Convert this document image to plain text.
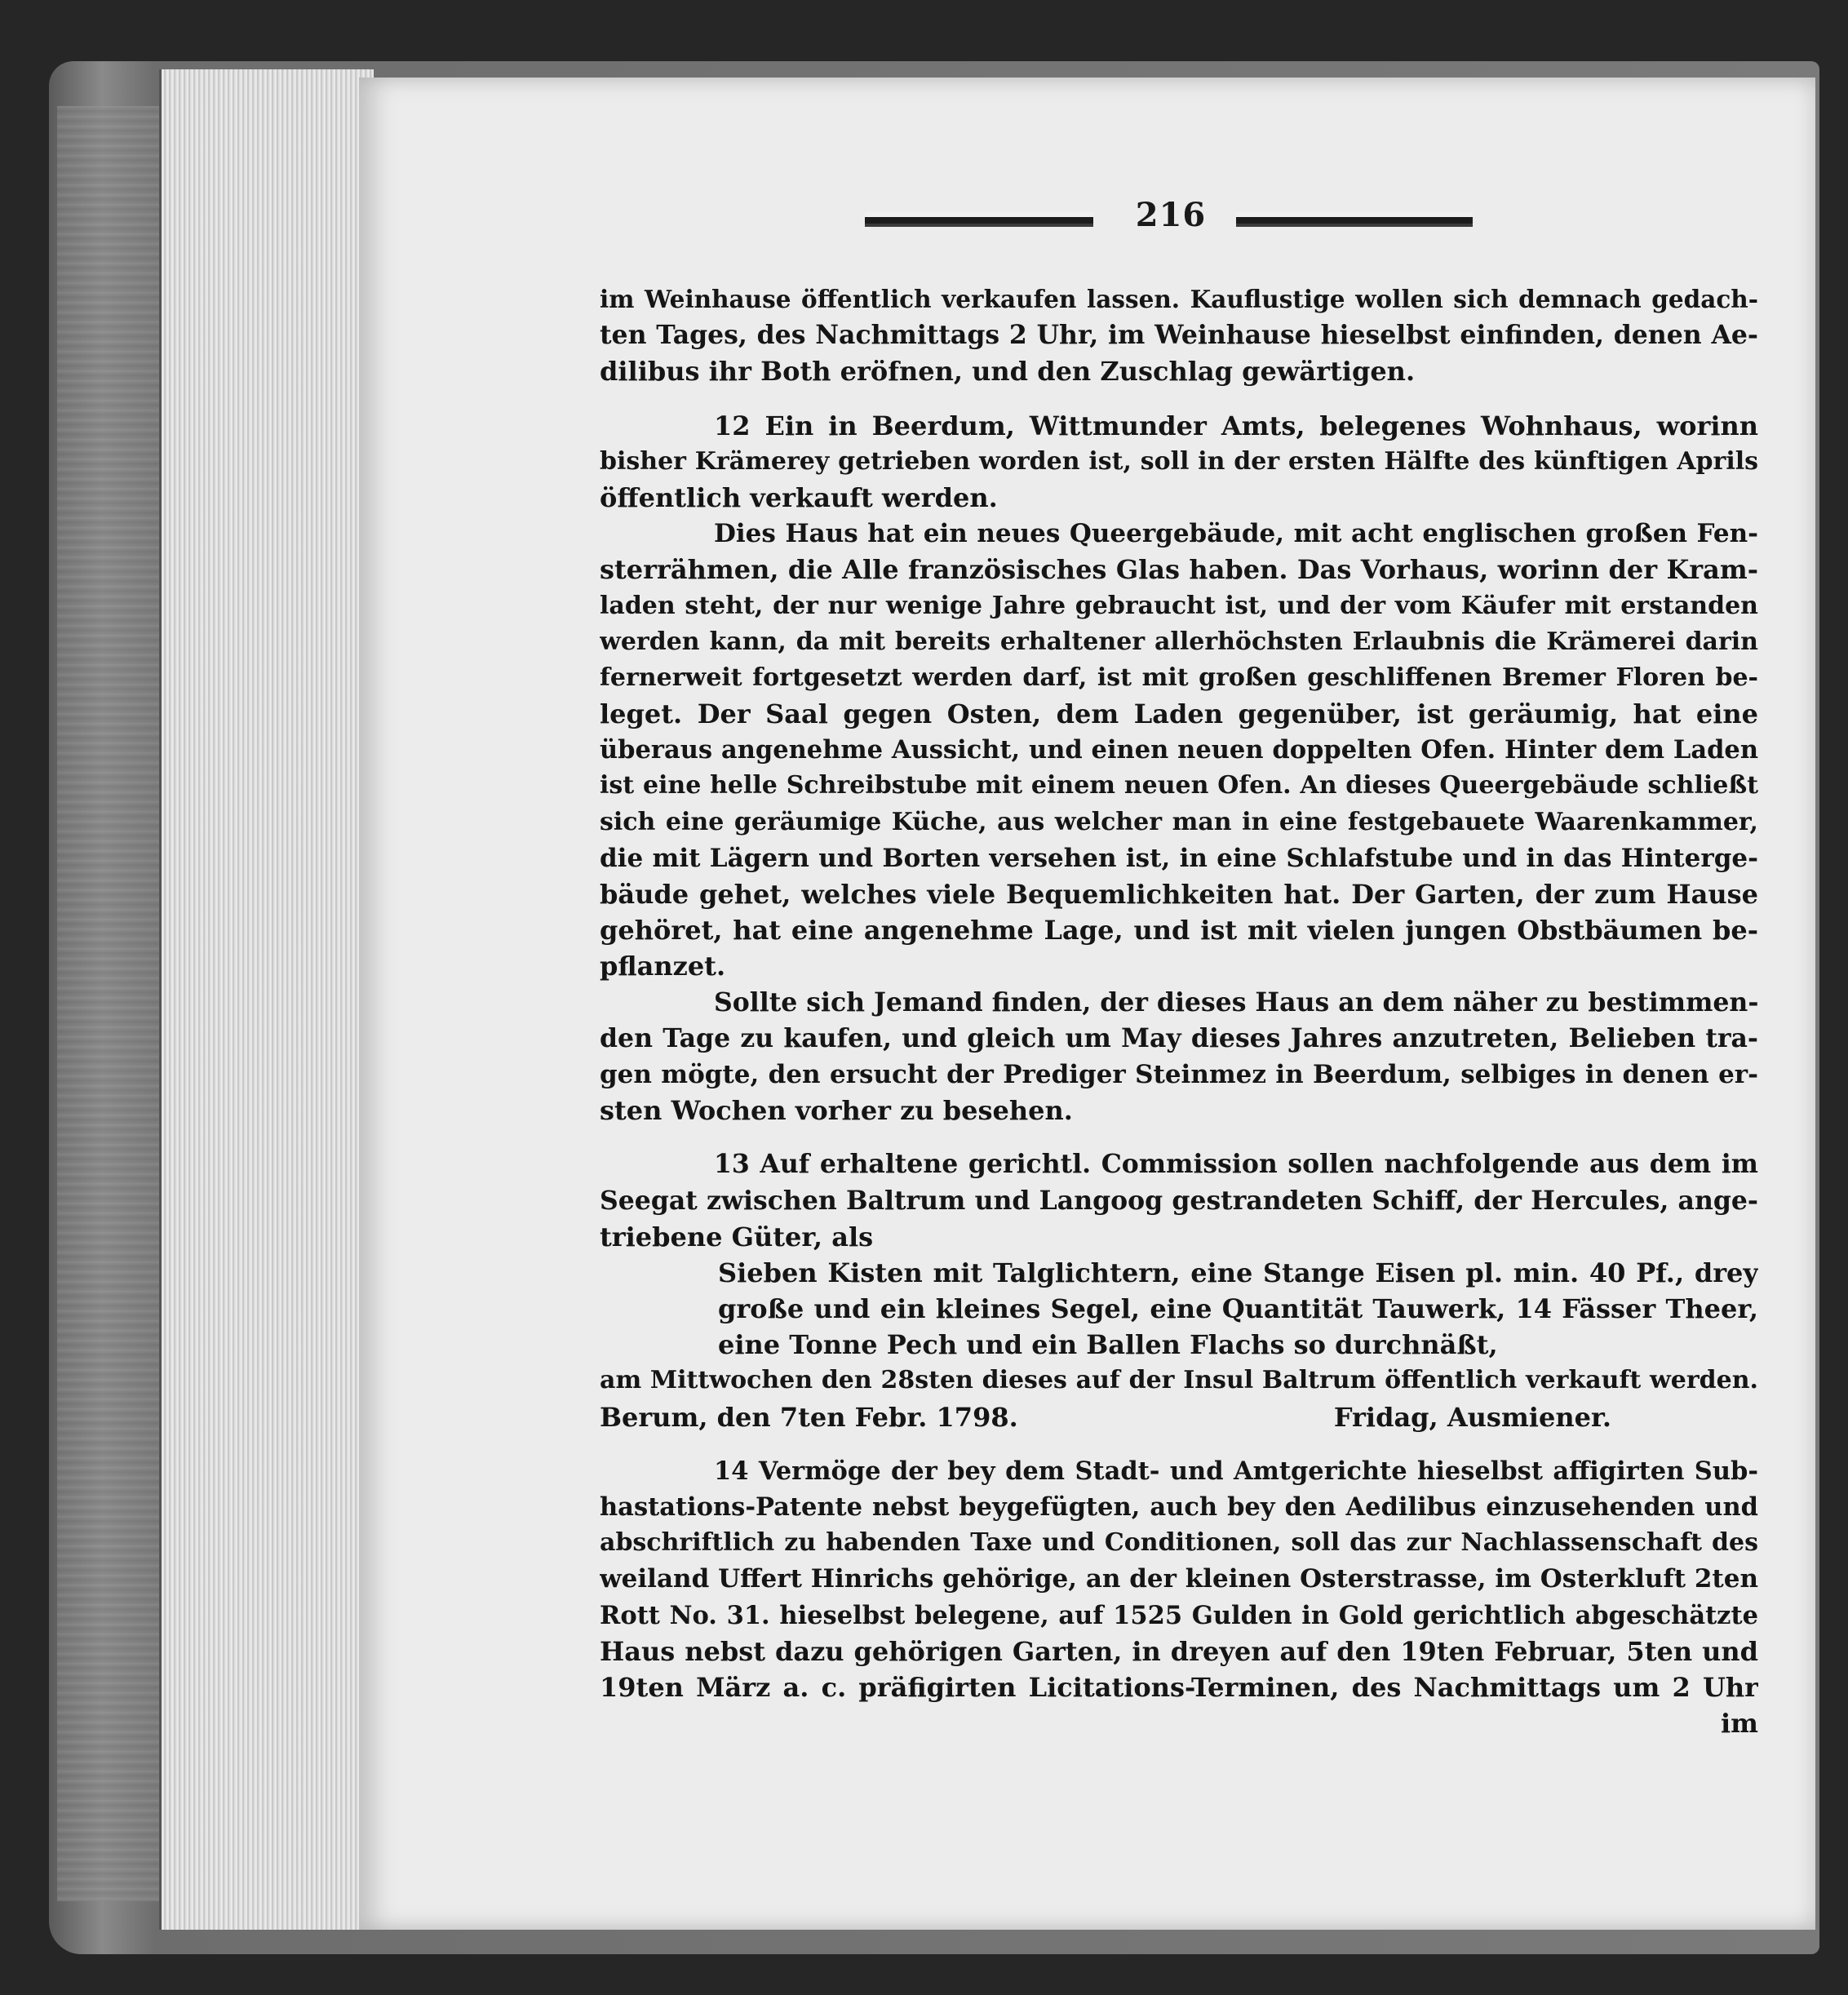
216
im Weinhause öffentlich verkaufen lassen. Kauflustige wollen sich demnach gedach-
ten Tages, des Nachmittags 2 Uhr, im Weinhause hieselbst einfinden, denen Ae-
dilibus ihr Both eröfnen, und den Zuschlag gewärtigen.
12 Ein in Beerdum, Wittmunder Amts, belegenes Wohnhaus, worinn
bisher Krämerey getrieben worden ist, soll in der ersten Hälfte des künftigen Aprils
öffentlich verkauft werden.
Dies Haus hat ein neues Queergebäude, mit acht englischen großen Fen-
sterrähmen, die Alle französisches Glas haben. Das Vorhaus, worinn der Kram-
laden steht, der nur wenige Jahre gebraucht ist, und der vom Käufer mit erstanden
werden kann, da mit bereits erhaltener allerhöchsten Erlaubnis die Krämerei darin
fernerweit fortgesetzt werden darf, ist mit großen geschliffenen Bremer Floren be-
leget. Der Saal gegen Osten, dem Laden gegenüber, ist geräumig, hat eine
überaus angenehme Aussicht, und einen neuen doppelten Ofen. Hinter dem Laden
ist eine helle Schreibstube mit einem neuen Ofen. An dieses Queergebäude schließt
sich eine geräumige Küche, aus welcher man in eine festgebauete Waarenkammer,
die mit Lägern und Borten versehen ist, in eine Schlafstube und in das Hinterge-
bäude gehet, welches viele Bequemlichkeiten hat. Der Garten, der zum Hause
gehöret, hat eine angenehme Lage, und ist mit vielen jungen Obstbäumen be-
pflanzet.
Sollte sich Jemand finden, der dieses Haus an dem näher zu bestimmen-
den Tage zu kaufen, und gleich um May dieses Jahres anzutreten, Belieben tra-
gen mögte, den ersucht der Prediger Steinmez in Beerdum, selbiges in denen er-
sten Wochen vorher zu besehen.
13 Auf erhaltene gerichtl. Commission sollen nachfolgende aus dem im
Seegat zwischen Baltrum und Langoog gestrandeten Schiff, der Hercules, ange-
triebene Güter, als
Sieben Kisten mit Talglichtern, eine Stange Eisen pl. min. 40 Pf., drey
große und ein kleines Segel, eine Quantität Tauwerk, 14 Fässer Theer,
eine Tonne Pech und ein Ballen Flachs so durchnäßt,
am Mittwochen den 28sten dieses auf der Insul Baltrum öffentlich verkauft werden.
Berum, den 7ten Febr. 1798.	Fridag, Ausmiener.
14 Vermöge der bey dem Stadt- und Amtgerichte hieselbst affigirten Sub-
hastations-Patente nebst beygefügten, auch bey den Aedilibus einzusehenden und
abschriftlich zu habenden Taxe und Conditionen, soll das zur Nachlassenschaft des
weiland Uffert Hinrichs gehörige, an der kleinen Osterstrasse, im Osterkluft 2ten
Rott No. 31. hieselbst belegene, auf 1525 Gulden in Gold gerichtlich abgeschätzte
Haus nebst dazu gehörigen Garten, in dreyen auf den 19ten Februar, 5ten und
19ten März a. c. präfigirten Licitations-Terminen, des Nachmittags um 2 Uhr
im
